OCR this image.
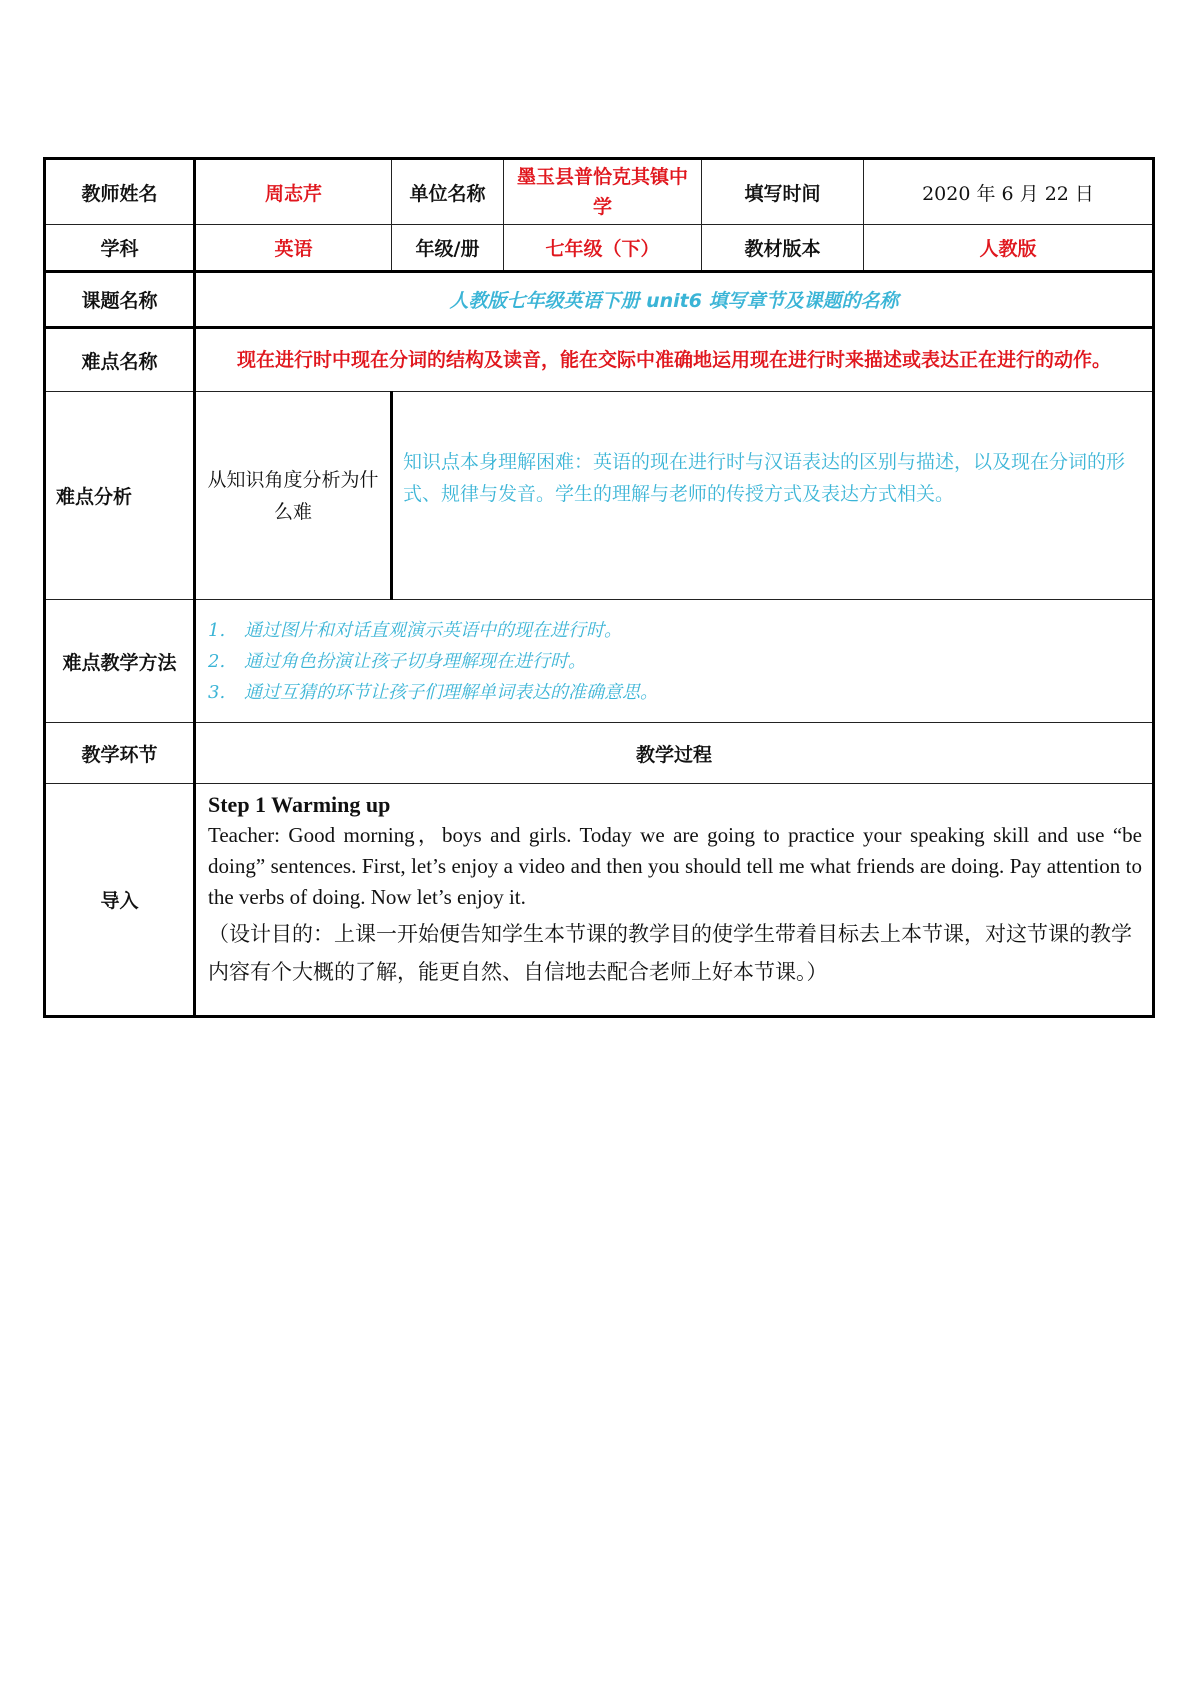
教师姓名	周志芹	单位名称	墨玉县普恰克其镇中学	填写时间	2020 年 6 月 22 日
学科	英语	年级/册	七年级（下）	教材版本	人教版
课题名称	人教版七年级英语下册 unit6 填写章节及课题的名称				
难点名称	现在进行时中现在分词的结构及读音，能在交际中准确地运用现在进行时来描述或表达正在进行的动作。				
难点分析	从知识角度分析为什么难	知识点本身理解困难：英语的现在进行时与汉语表达的区别与描述，以及现在分词的形式、规律与发音。学生的理解与老师的传授方式及表达方式相关。			

难点教学方法	1. 通过图片和对话直观演示英语中的现在进行时。
2. 通过角色扮演让孩子切身理解现在进行时。
3. 通过互猜的环节让孩子们理解单词表达的准确意思。				

教学环节	教学过程				
导入	Step 1 Warming up
Teacher: Good morning，boys and girls. Today we are going to practice your speaking skill and use “be doing” sentences. First, let’s enjoy a video and then you should tell me what friends are doing. Pay attention to the verbs of doing. Now let’s enjoy it.
（设计目的：上课一开始便告知学生本节课的教学目的使学生带着目标去上本节课，对这节课的教学内容有个大概的了解，能更自然、自信地去配合老师上好本节课。）				
